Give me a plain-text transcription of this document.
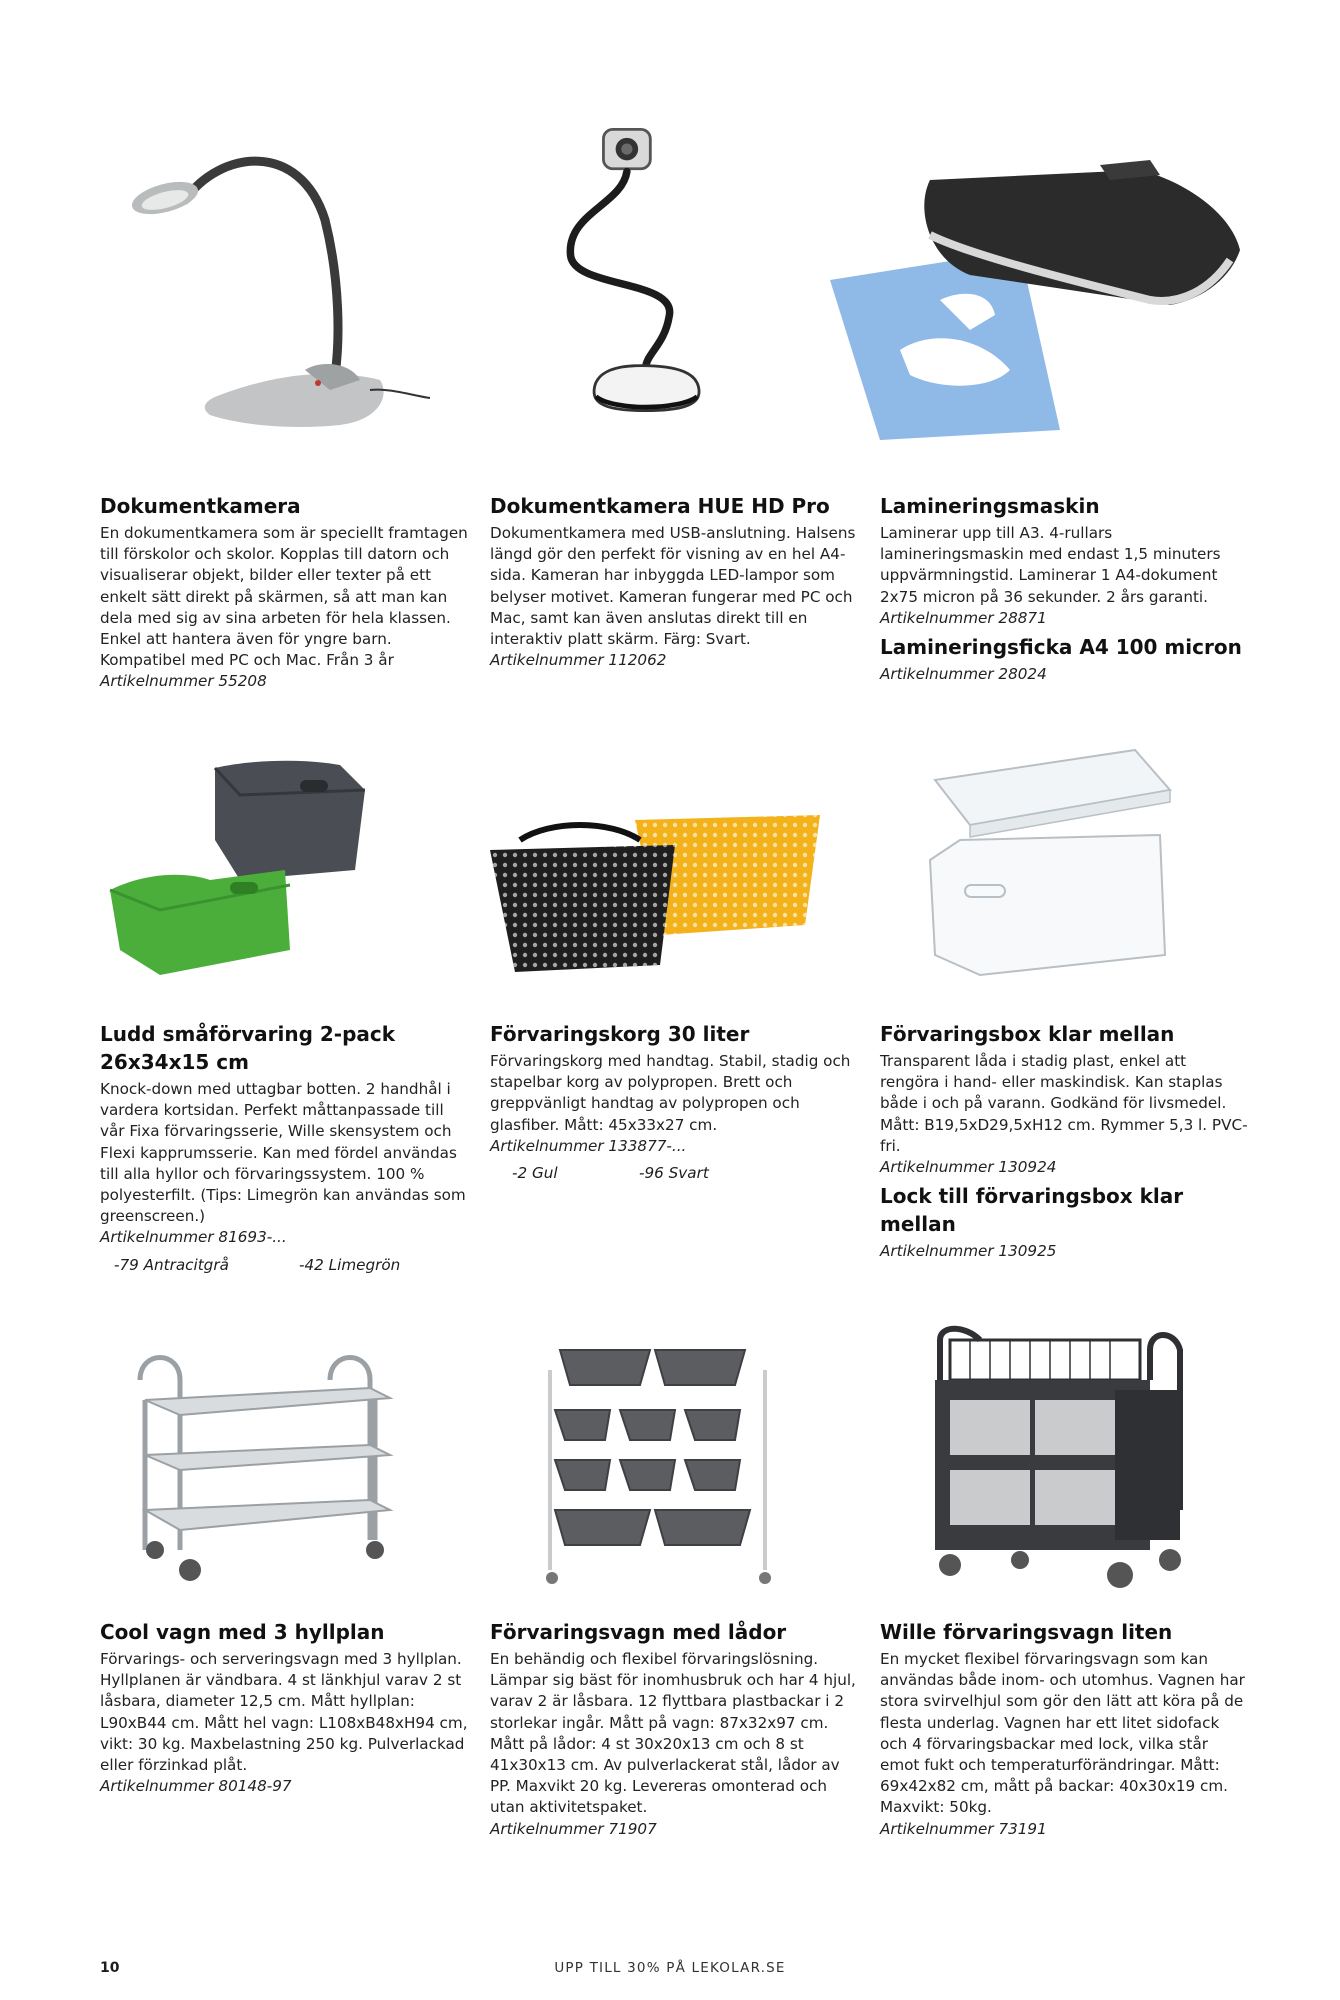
Dokumentkamera

En dokumentkamera som är speciellt framtagen till förskolor och skolor. Kopplas till datorn och visualiserar objekt, bilder eller texter på ett enkelt sätt direkt på skärmen, så att man kan dela med sig av sina arbeten för hela klassen. Enkel att hantera även för yngre barn. Kompatibel med PC och Mac. Från 3 år

Artikelnummer 55208

Dokumentkamera HUE HD Pro

Dokumentkamera med USB-anslutning. Halsens längd gör den perfekt för visning av en hel A4-sida. Kameran har inbyggda LED-lampor som belyser motivet. Kameran fungerar med PC och Mac, samt kan även anslutas direkt till en interaktiv platt skärm. Färg: Svart.

Artikelnummer 112062

Lamineringsmaskin

Laminerar upp till A3. 4-rullars lamineringsmaskin med endast 1,5 minuters uppvärmningstid. Laminerar 1 A4-dokument 2x75 micron på 36 sekunder. 2 års garanti.

Artikelnummer 28871

Lamineringsficka A4 100 micron

Artikelnummer 28024

Ludd småförvaring 2-pack 26x34x15 cm

Knock-down med uttagbar botten. 2 handhål i vardera kortsidan. Perfekt måttanpassade till vår Fixa förvaringsserie, Wille skensystem och Flexi kapprumsserie. Kan med fördel användas till alla hyllor och förvaringssystem. 100 % polyesterfilt. (Tips: Limegrön kan användas som greenscreen.)

Artikelnummer 81693-...

-79 Antracitgrå	-42 Limegrön
Förvaringskorg 30 liter

Förvaringskorg med handtag. Stabil, stadig och stapelbar korg av polypropen. Brett och greppvänligt handtag av polypropen och glasfiber. Mått: 45x33x27 cm.

Artikelnummer 133877-...

-2 Gul	-96 Svart
Förvaringsbox klar mellan

Transparent låda i stadig plast, enkel att rengöra i hand- eller maskindisk. Kan staplas både i och på varann. Godkänd för livsmedel. Mått: B19,5xD29,5xH12 cm. Rymmer 5,3 l. PVC-fri.

Artikelnummer 130924

Lock till förvaringsbox klar mellan

Artikelnummer 130925

Cool vagn med 3 hyllplan

Förvarings- och serveringsvagn med 3 hyllplan. Hyllplanen är vändbara. 4 st länkhjul varav 2 st låsbara, diameter 12,5 cm. Mått hyllplan: L90xB44 cm. Mått hel vagn: L108xB48xH94 cm, vikt: 30 kg. Maxbelastning 250 kg. Pulverlackad eller förzinkad plåt.

Artikelnummer 80148-97

Förvaringsvagn med lådor

En behändig och flexibel förvaringslösning. Lämpar sig bäst för inomhusbruk och har 4 hjul, varav 2 är låsbara. 12 flyttbara plastbackar i 2 storlekar ingår. Mått på vagn: 87x32x97 cm. Mått på lådor: 4 st 30x20x13 cm och 8 st 41x30x13 cm. Av pulverlackerat stål, lådor av PP. Maxvikt 20 kg. Levereras omonterad och utan aktivitetspaket.

Artikelnummer 71907

Wille förvaringsvagn liten

En mycket flexibel förvaringsvagn som kan användas både inom- och utomhus. Vagnen har stora svirvelhjul som gör den lätt att köra på de flesta underlag. Vagnen har ett litet sidofack och 4 förvaringsbackar med lock, vilka står emot fukt och temperaturförändringar. Mått: 69x42x82 cm, mått på backar: 40x30x19 cm. Maxvikt: 50kg.

Artikelnummer 73191

UPP TILL 30% PÅ LEKOLAR.SE
10
